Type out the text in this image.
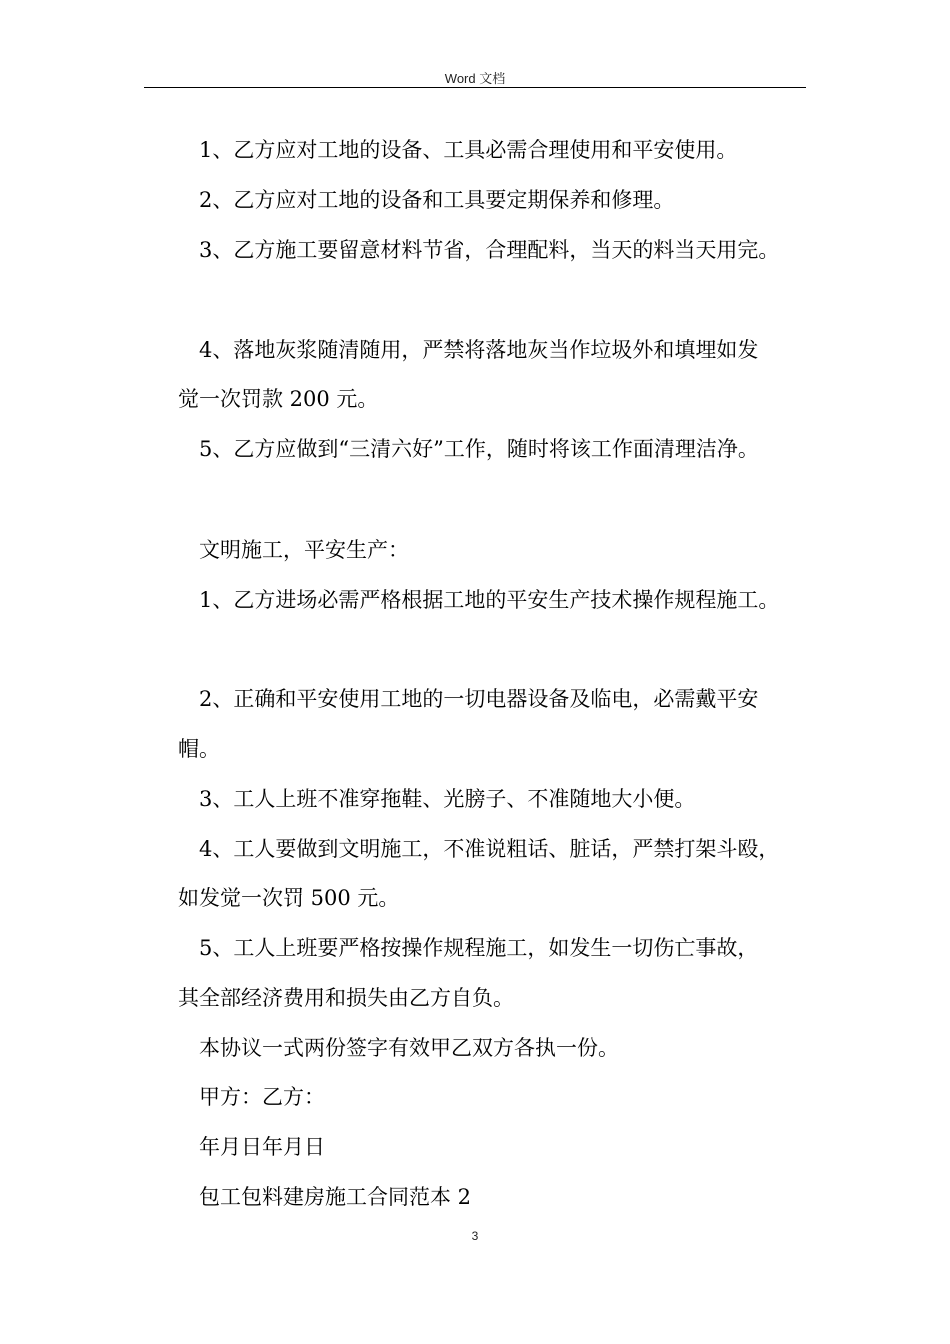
Word 文档
1、乙方应对工地的设备、工具必需合理使用和平安使用。
2、乙方应对工地的设备和工具要定期保养和修理。
3、乙方施工要留意材料节省，合理配料，当天的料当天用完。
4、落地灰浆随清随用，严禁将落地灰当作垃圾外和填埋如发
觉一次罚款 200 元。
5、乙方应做到“三清六好”工作，随时将该工作面清理洁净。
文明施工，平安生产：
1、乙方进场必需严格根据工地的平安生产技术操作规程施工。
2、正确和平安使用工地的一切电器设备及临电，必需戴平安
帽。
3、工人上班不准穿拖鞋、光膀子、不准随地大小便。
4、工人要做到文明施工，不准说粗话、脏话，严禁打架斗殴，
如发觉一次罚 500 元。
5、工人上班要严格按操作规程施工，如发生一切伤亡事故，
其全部经济费用和损失由乙方自负。
本协议一式两份签字有效甲乙双方各执一份。
甲方：乙方：
年月日年月日
包工包料建房施工合同范本 2
3
